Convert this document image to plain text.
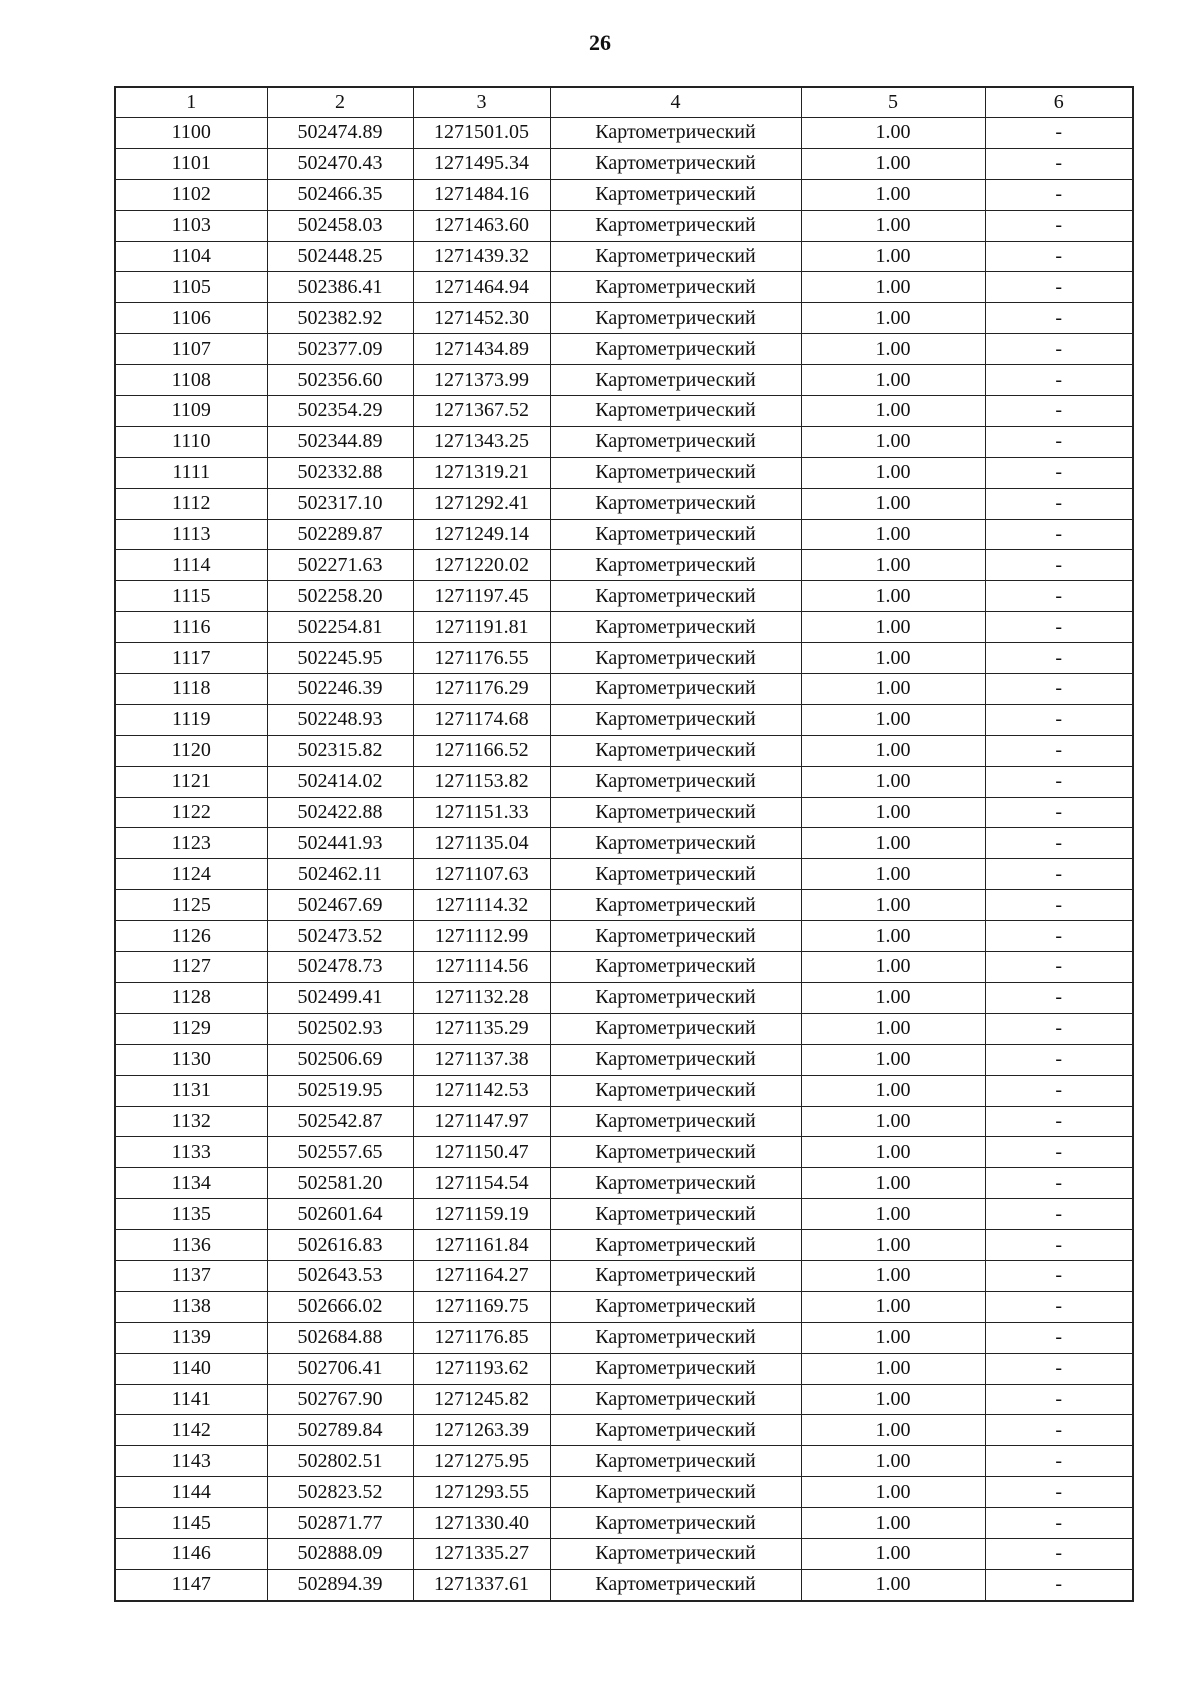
26
1	2	3	4	5	6
1100	502474.89	1271501.05	Картометрический	1.00	-
1101	502470.43	1271495.34	Картометрический	1.00	-
1102	502466.35	1271484.16	Картометрический	1.00	-
1103	502458.03	1271463.60	Картометрический	1.00	-
1104	502448.25	1271439.32	Картометрический	1.00	-
1105	502386.41	1271464.94	Картометрический	1.00	-
1106	502382.92	1271452.30	Картометрический	1.00	-
1107	502377.09	1271434.89	Картометрический	1.00	-
1108	502356.60	1271373.99	Картометрический	1.00	-
1109	502354.29	1271367.52	Картометрический	1.00	-
1110	502344.89	1271343.25	Картометрический	1.00	-
1111	502332.88	1271319.21	Картометрический	1.00	-
1112	502317.10	1271292.41	Картометрический	1.00	-
1113	502289.87	1271249.14	Картометрический	1.00	-
1114	502271.63	1271220.02	Картометрический	1.00	-
1115	502258.20	1271197.45	Картометрический	1.00	-
1116	502254.81	1271191.81	Картометрический	1.00	-
1117	502245.95	1271176.55	Картометрический	1.00	-
1118	502246.39	1271176.29	Картометрический	1.00	-
1119	502248.93	1271174.68	Картометрический	1.00	-
1120	502315.82	1271166.52	Картометрический	1.00	-
1121	502414.02	1271153.82	Картометрический	1.00	-
1122	502422.88	1271151.33	Картометрический	1.00	-
1123	502441.93	1271135.04	Картометрический	1.00	-
1124	502462.11	1271107.63	Картометрический	1.00	-
1125	502467.69	1271114.32	Картометрический	1.00	-
1126	502473.52	1271112.99	Картометрический	1.00	-
1127	502478.73	1271114.56	Картометрический	1.00	-
1128	502499.41	1271132.28	Картометрический	1.00	-
1129	502502.93	1271135.29	Картометрический	1.00	-
1130	502506.69	1271137.38	Картометрический	1.00	-
1131	502519.95	1271142.53	Картометрический	1.00	-
1132	502542.87	1271147.97	Картометрический	1.00	-
1133	502557.65	1271150.47	Картометрический	1.00	-
1134	502581.20	1271154.54	Картометрический	1.00	-
1135	502601.64	1271159.19	Картометрический	1.00	-
1136	502616.83	1271161.84	Картометрический	1.00	-
1137	502643.53	1271164.27	Картометрический	1.00	-
1138	502666.02	1271169.75	Картометрический	1.00	-
1139	502684.88	1271176.85	Картометрический	1.00	-
1140	502706.41	1271193.62	Картометрический	1.00	-
1141	502767.90	1271245.82	Картометрический	1.00	-
1142	502789.84	1271263.39	Картометрический	1.00	-
1143	502802.51	1271275.95	Картометрический	1.00	-
1144	502823.52	1271293.55	Картометрический	1.00	-
1145	502871.77	1271330.40	Картометрический	1.00	-
1146	502888.09	1271335.27	Картометрический	1.00	-
1147	502894.39	1271337.61	Картометрический	1.00	-
